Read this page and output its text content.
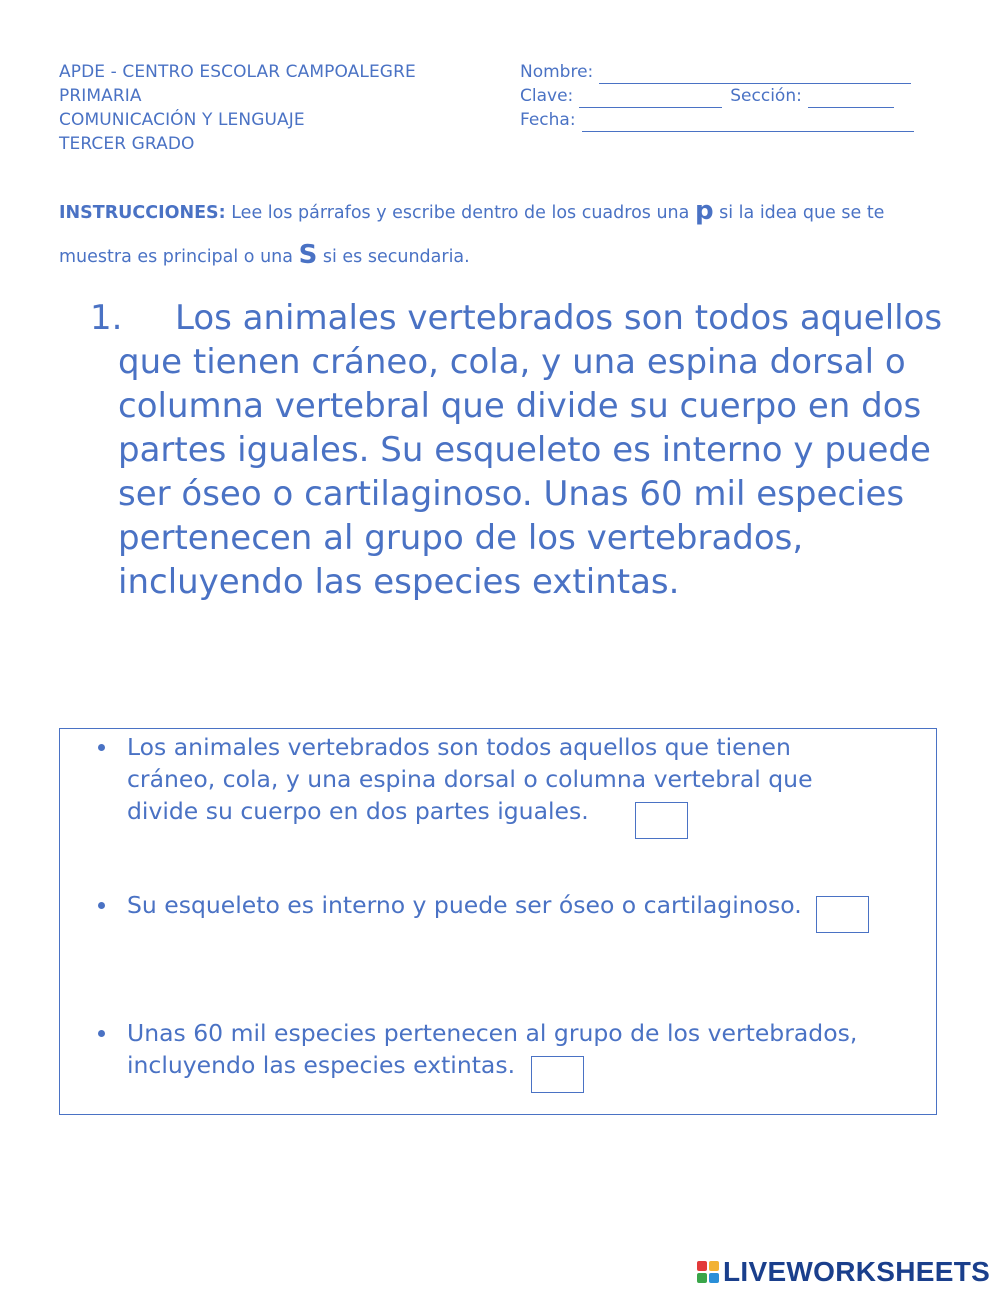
APDE - CENTRO ESCOLAR CAMPOALEGRE
PRIMARIA
COMUNICACIÓN Y LENGUAJE
TERCER GRADO
Nombre:
Clave:	Sección:
Fecha:
INSTRUCCIONES: Lee los párrafos y escribe dentro de los cuadros una p si la idea que se te muestra es principal o una S si es secundaria.
1.	Los animales vertebrados son todos aquellos que tienen cráneo, cola, y una espina dorsal o columna vertebral que divide su cuerpo en dos partes iguales. Su esqueleto es interno y puede ser óseo o cartilaginoso. Unas 60 mil especies pertenecen al grupo de los vertebrados, incluyendo las especies extintas.
Los animales vertebrados son todos aquellos que tienen
cráneo, cola, y una espina dorsal o columna vertebral que
divide su cuerpo en dos partes iguales.
Su esqueleto es interno y puede ser óseo o cartilaginoso.
Unas 60 mil especies pertenecen al grupo de los vertebrados,
incluyendo las especies extintas.
LIVEWORKSHEETS
